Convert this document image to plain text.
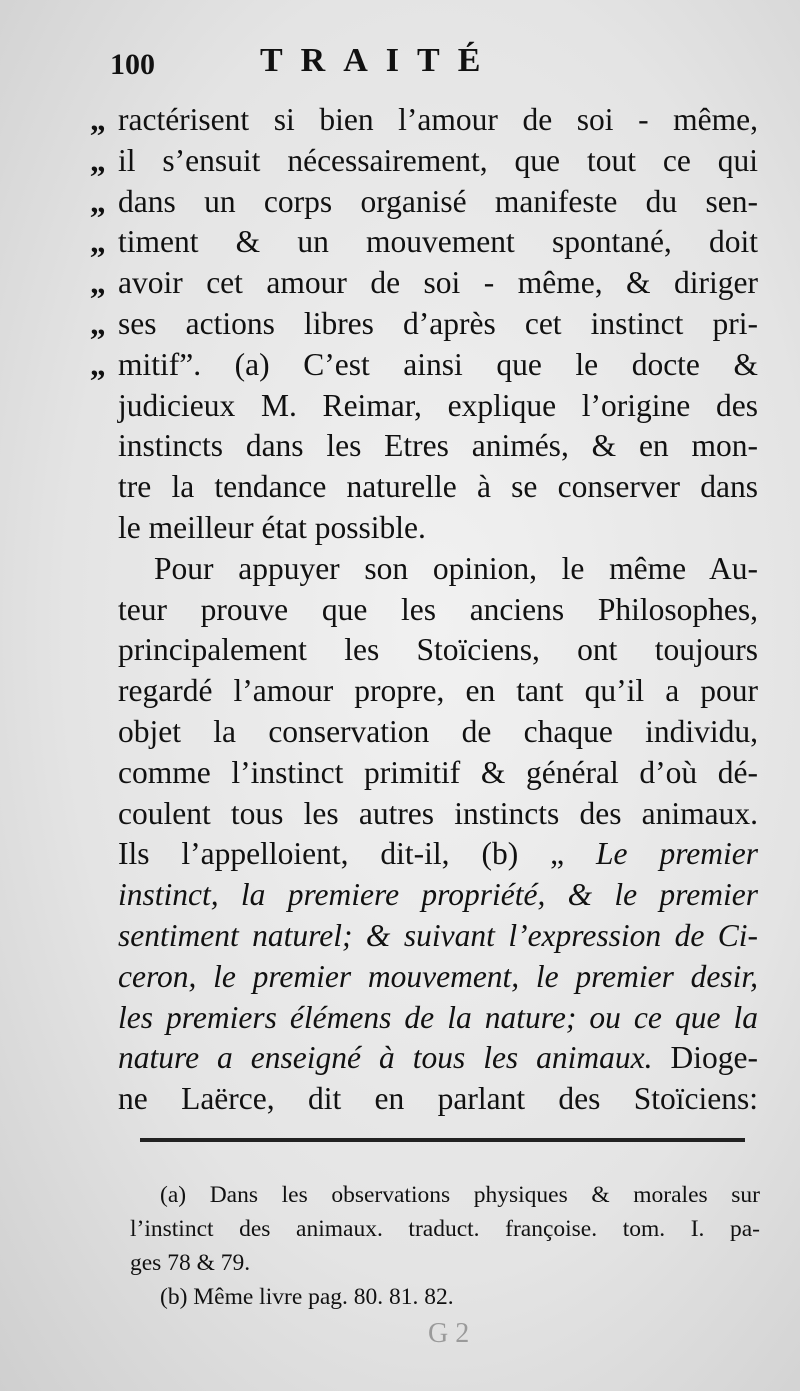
100	TRAITÉ
„ ractérisent si bien l’amour de soi - même,
„ il s’ensuit nécessairement, que tout ce qui
„ dans un corps organisé manifeste du sen-
„ timent & un mouvement spontané, doit
„ avoir cet amour de soi - même, & diriger
„ ses actions libres d’après cet instinct pri-
„ mitif”. (a) C’est ainsi que le docte &
judicieux M. Reimar, explique l’origine des
instincts dans les Etres animés, & en mon-
tre la tendance naturelle à se conserver dans
le meilleur état possible.
Pour appuyer son opinion, le même Au-
teur prouve que les anciens Philosophes,
principalement les Stoïciens, ont toujours
regardé l’amour propre, en tant qu’il a pour
objet la conservation de chaque individu,
comme l’instinct primitif & général d’où dé-
coulent tous les autres instincts des animaux.
Ils l’appelloient, dit-il, (b) „ Le premier
instinct, la premiere propriété, & le premier
sentiment naturel; & suivant l’expression de Ci-
ceron, le premier mouvement, le premier desir,
les premiers élémens de la nature; ou ce que la
nature a enseigné à tous les animaux. Dioge-
ne Laërce, dit en parlant des Stoïciens:
(a) Dans les observations physiques & morales sur
l’instinct des animaux. traduct. françoise. tom. I. pa-
ges 78 & 79.
(b) Même livre pag. 80. 81. 82.
G 2
